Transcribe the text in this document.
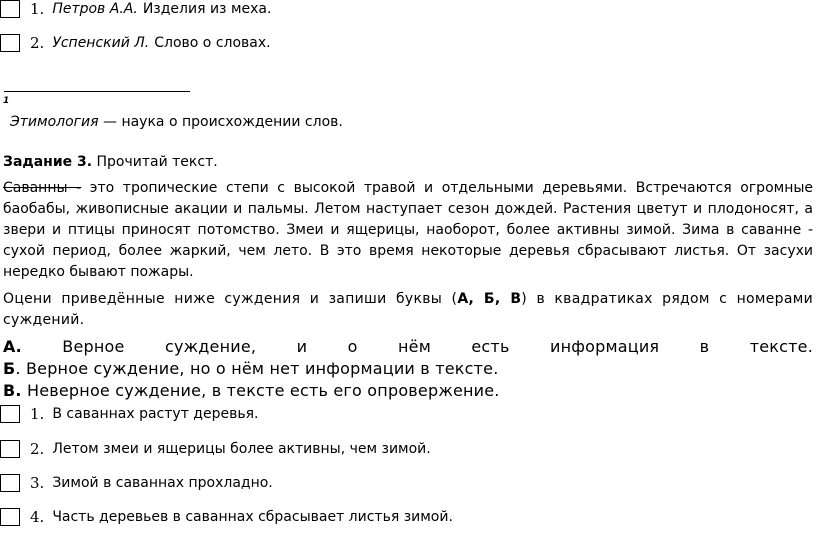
1. Петров А.А. Изделия из меха.
2. Успенский Л. Слово о словах.
1
Этимология — наука о происхождении слов.
Задание 3. Прочитай текст.
Саванны - это тропические степи с высокой травой и отдельными деревьями. Встречаются огромные баобабы, живописные акации и пальмы. Летом наступает сезон дождей. Растения цветут и плодоносят, а звери и птицы приносят потомство. Змеи и ящерицы, наоборот, более активны зимой. Зима в саванне - сухой период, более жаркий, чем лето. В это время некоторые деревья сбрасывают листья. От засухи нередко бывают пожары.
Оцени приведённые ниже суждения и запиши буквы (А, Б, В) в квадратиках рядом с номерами суждений.
А.	Верное суждение, и о нём есть информация в тексте.
Б. Верное суждение, но о нём нет информации в тексте.
В. Неверное суждение, в тексте есть его опровержение.
1. В саваннах растут деревья.
2. Летом змеи и ящерицы более активны, чем зимой.
3. Зимой в саваннах прохладно.
4. Часть деревьев в саваннах сбрасывает листья зимой.
